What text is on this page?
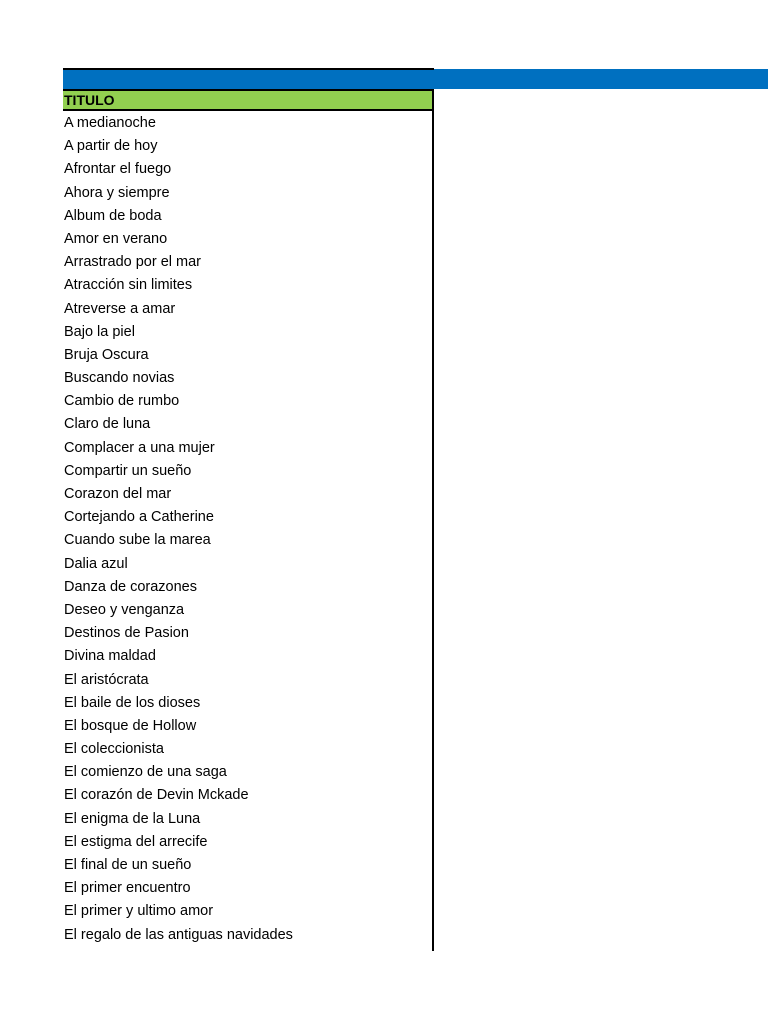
TITULO
A medianoche
A partir de hoy
Afrontar el fuego
Ahora y siempre
Album de boda
Amor en verano
Arrastrado por el mar
Atracción sin limites
Atreverse a amar
Bajo la piel
Bruja Oscura
Buscando novias
Cambio de rumbo
Claro de luna
Complacer a una mujer
Compartir un sueño
Corazon del mar
Cortejando a Catherine
Cuando sube la marea
Dalia azul
Danza de corazones
Deseo y venganza
Destinos de Pasion
Divina maldad
El aristócrata
El baile de los dioses
El bosque de Hollow
El coleccionista
El comienzo de una saga
El corazón de Devin Mckade
El enigma de la Luna
El estigma del arrecife
El final de un sueño
El primer encuentro
El primer y ultimo amor
El regalo de las antiguas navidades
